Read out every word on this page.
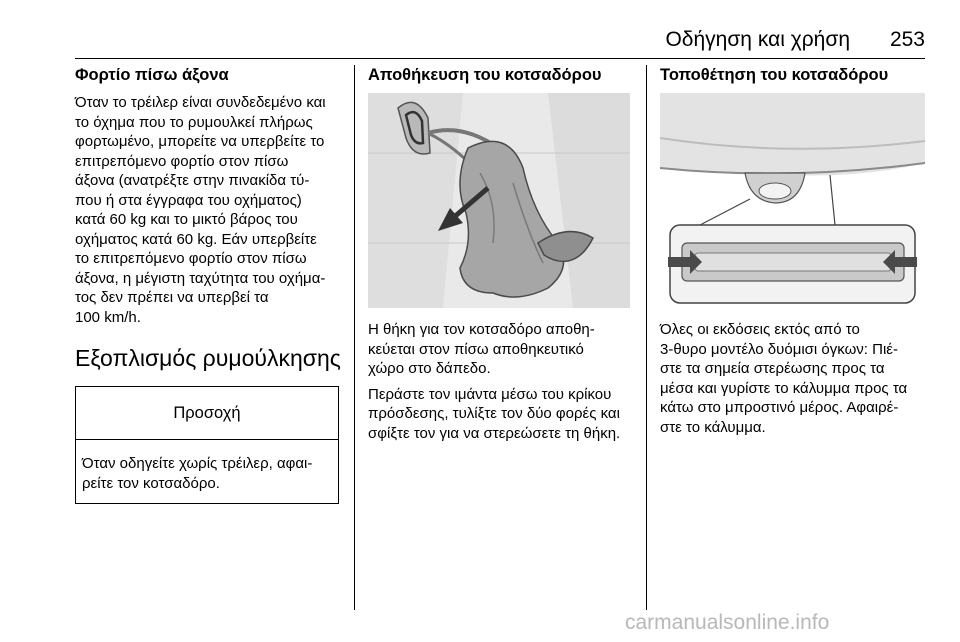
Οδήγηση και χρήση 253
Φορτίο πίσω άξονα

Όταν το τρέιλερ είναι συνδεδεμένο και
το όχημα που το ρυμουλκεί πλήρως
φορτωμένο, μπορείτε να υπερβείτε το
επιτρεπόμενο φορτίο στον πίσω
άξονα (ανατρέξτε στην πινακίδα τύ-
που ή στα έγγραφα του οχήματος)
κατά 60 kg και το μικτό βάρος του
οχήματος κατά 60 kg. Εάν υπερβείτε
το επιτρεπόμενο φορτίο στον πίσω
άξονα, η μέγιστη ταχύτητα του οχήμα-
τος δεν πρέπει να υπερβεί τα
100 km/h.

Εξοπλισμός ρυμούλκησης
Προσοχή
Όταν οδηγείτε χωρίς τρέιλερ, αφαι-
ρείτε τον κοτσαδόρο.
Αποθήκευση του κοτσαδόρου

Η θήκη για τον κοτσαδόρο αποθη-
κεύεται στον πίσω αποθηκευτικό
χώρο στο δάπεδο.

Περάστε τον ιμάντα μέσω του κρίκου
πρόσδεσης, τυλίξτε τον δύο φορές και
σφίξτε τον για να στερεώσετε τη θήκη.

Τοποθέτηση του κοτσαδόρου

Όλες οι εκδόσεις εκτός από το
3-θυρο μοντέλο δυόμισι όγκων: Πιέ-
στε τα σημεία στερέωσης προς τα
μέσα και γυρίστε το κάλυμμα προς τα
κάτω στο μπροστινό μέρος. Αφαιρέ-
στε το κάλυμμα.

carmanualsonline.info
